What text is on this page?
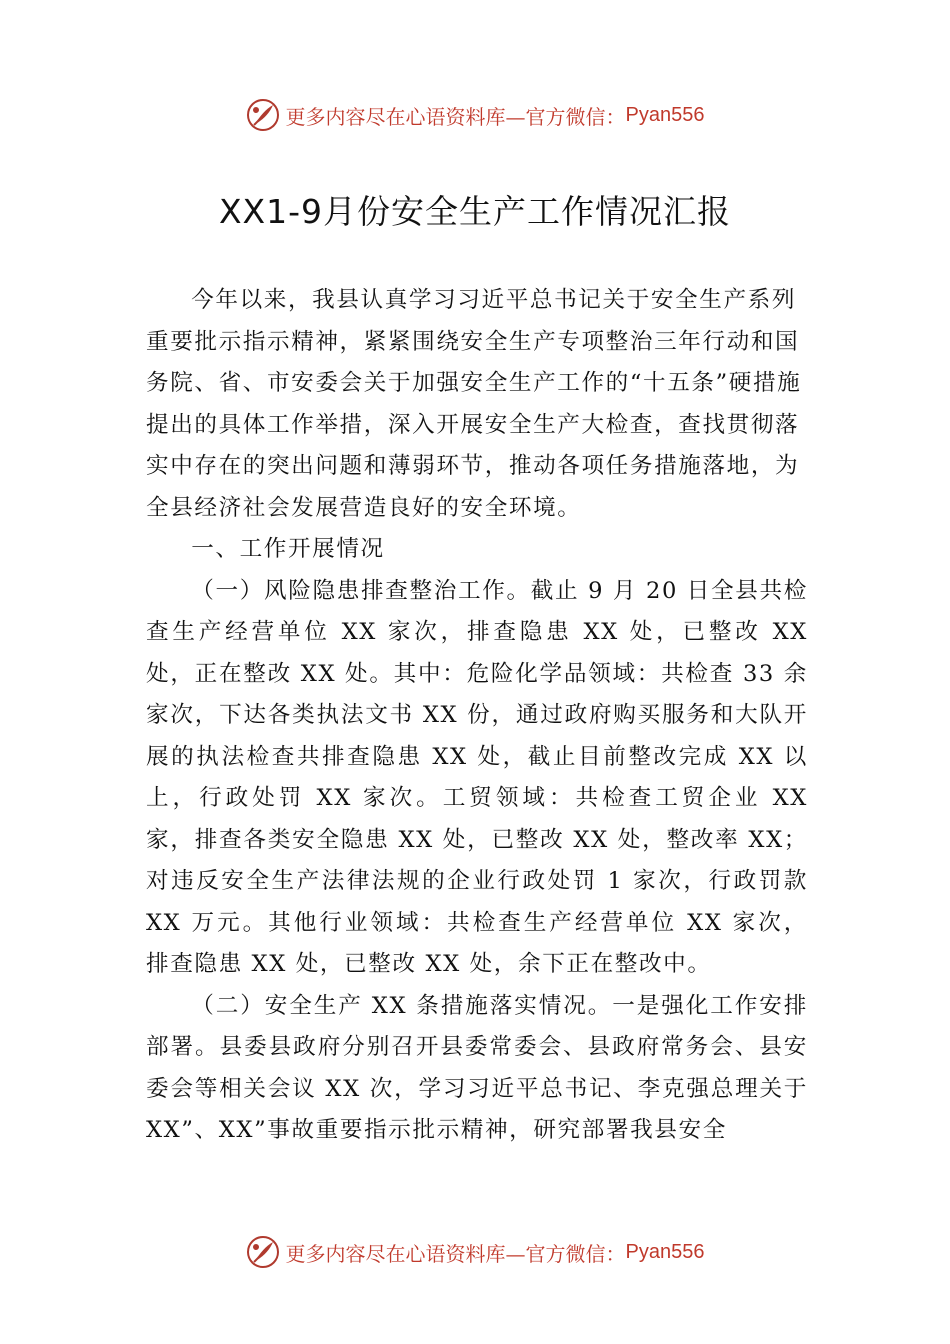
更多内容尽在心语资料库—官方微信： Pyan556
XX1-9月份安全生产工作情况汇报

今年以来，我县认真学习习近平总书记关于安全生产系列重要批示指示精神，紧紧围绕安全生产专项整治三年行动和国务院、省、市安委会关于加强安全生产工作的“十五条”硬措施提出的具体工作举措，深入开展安全生产大检查，查找贯彻落实中存在的突出问题和薄弱环节，推动各项任务措施落地，为全县经济社会发展营造良好的安全环境。

一、工作开展情况

（一）风险隐患排查整治工作。截止 9 月 20 日全县共检查生产经营单位 XX 家次，排查隐患 XX 处，已整改 XX 处，正在整改 XX 处。其中：危险化学品领域：共检查 33 余家次，下达各类执法文书 XX 份，通过政府购买服务和大队开展的执法检查共排查隐患 XX 处，截止目前整改完成 XX 以上，行政处罚 XX 家次。工贸领域：共检查工贸企业 XX 家，排查各类安全隐患 XX 处，已整改 XX 处，整改率 XX； 对违反安全生产法律法规的企业行政处罚 1 家次，行政罚款 XX 万元。其他行业领域：共检查生产经营单位 XX 家次， 排查隐患 XX 处，已整改 XX 处，余下正在整改中。

（二）安全生产 XX 条措施落实情况。一是强化工作安排部署。县委县政府分别召开县委常委会、县政府常务会、县安委会等相关会议 XX 次，学习习近平总书记、李克强总理关于 XX”、XX”事故重要指示批示精神，研究部署我县安全

更多内容尽在心语资料库—官方微信： Pyan556
